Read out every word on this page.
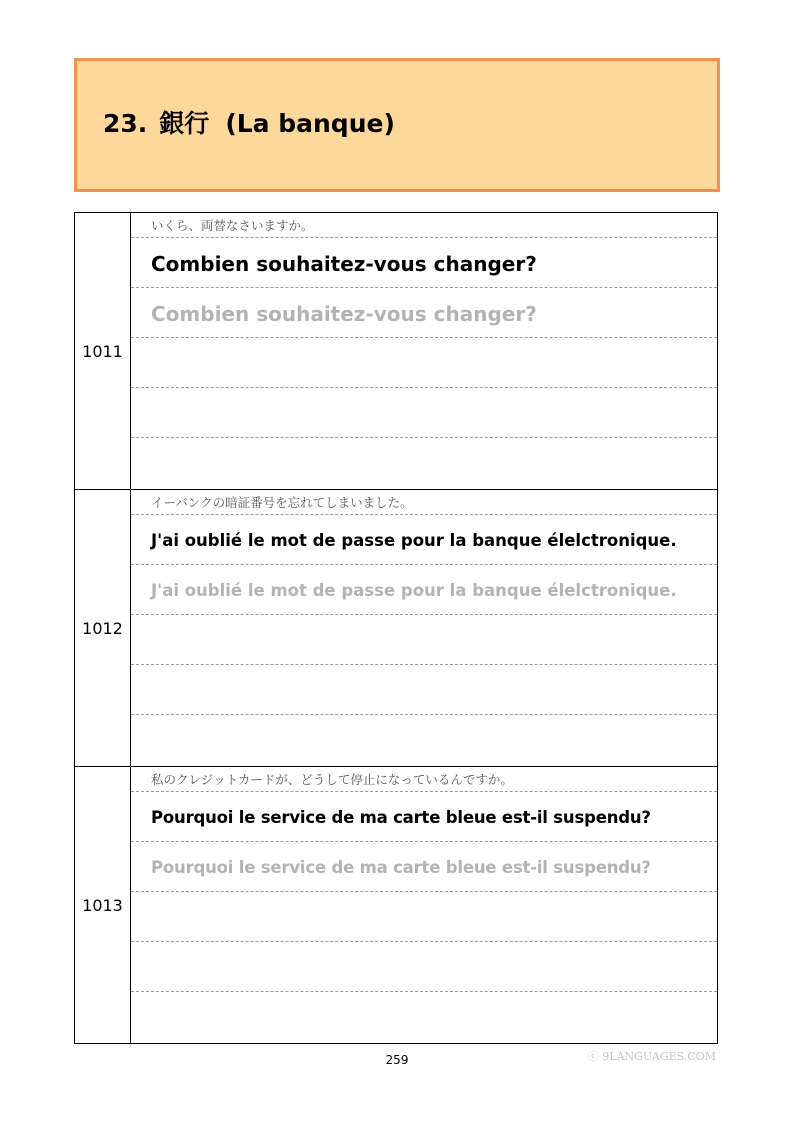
23. 銀行 (La banque)
1011
いくら、両替なさいますか。
Combien souhaitez-vous changer?
Combien souhaitez-vous changer?
1012
イーバンクの暗証番号を忘れてしまいました。
J'ai oublié le mot de passe pour la banque élelctronique.
J'ai oublié le mot de passe pour la banque élelctronique.
1013
私のクレジットカードが、どうして停止になっているんですか。
Pourquoi le service de ma carte bleue est-il suspendu?
Pourquoi le service de ma carte bleue est-il suspendu?
259	ⓒ 9LANGUAGES.COM
